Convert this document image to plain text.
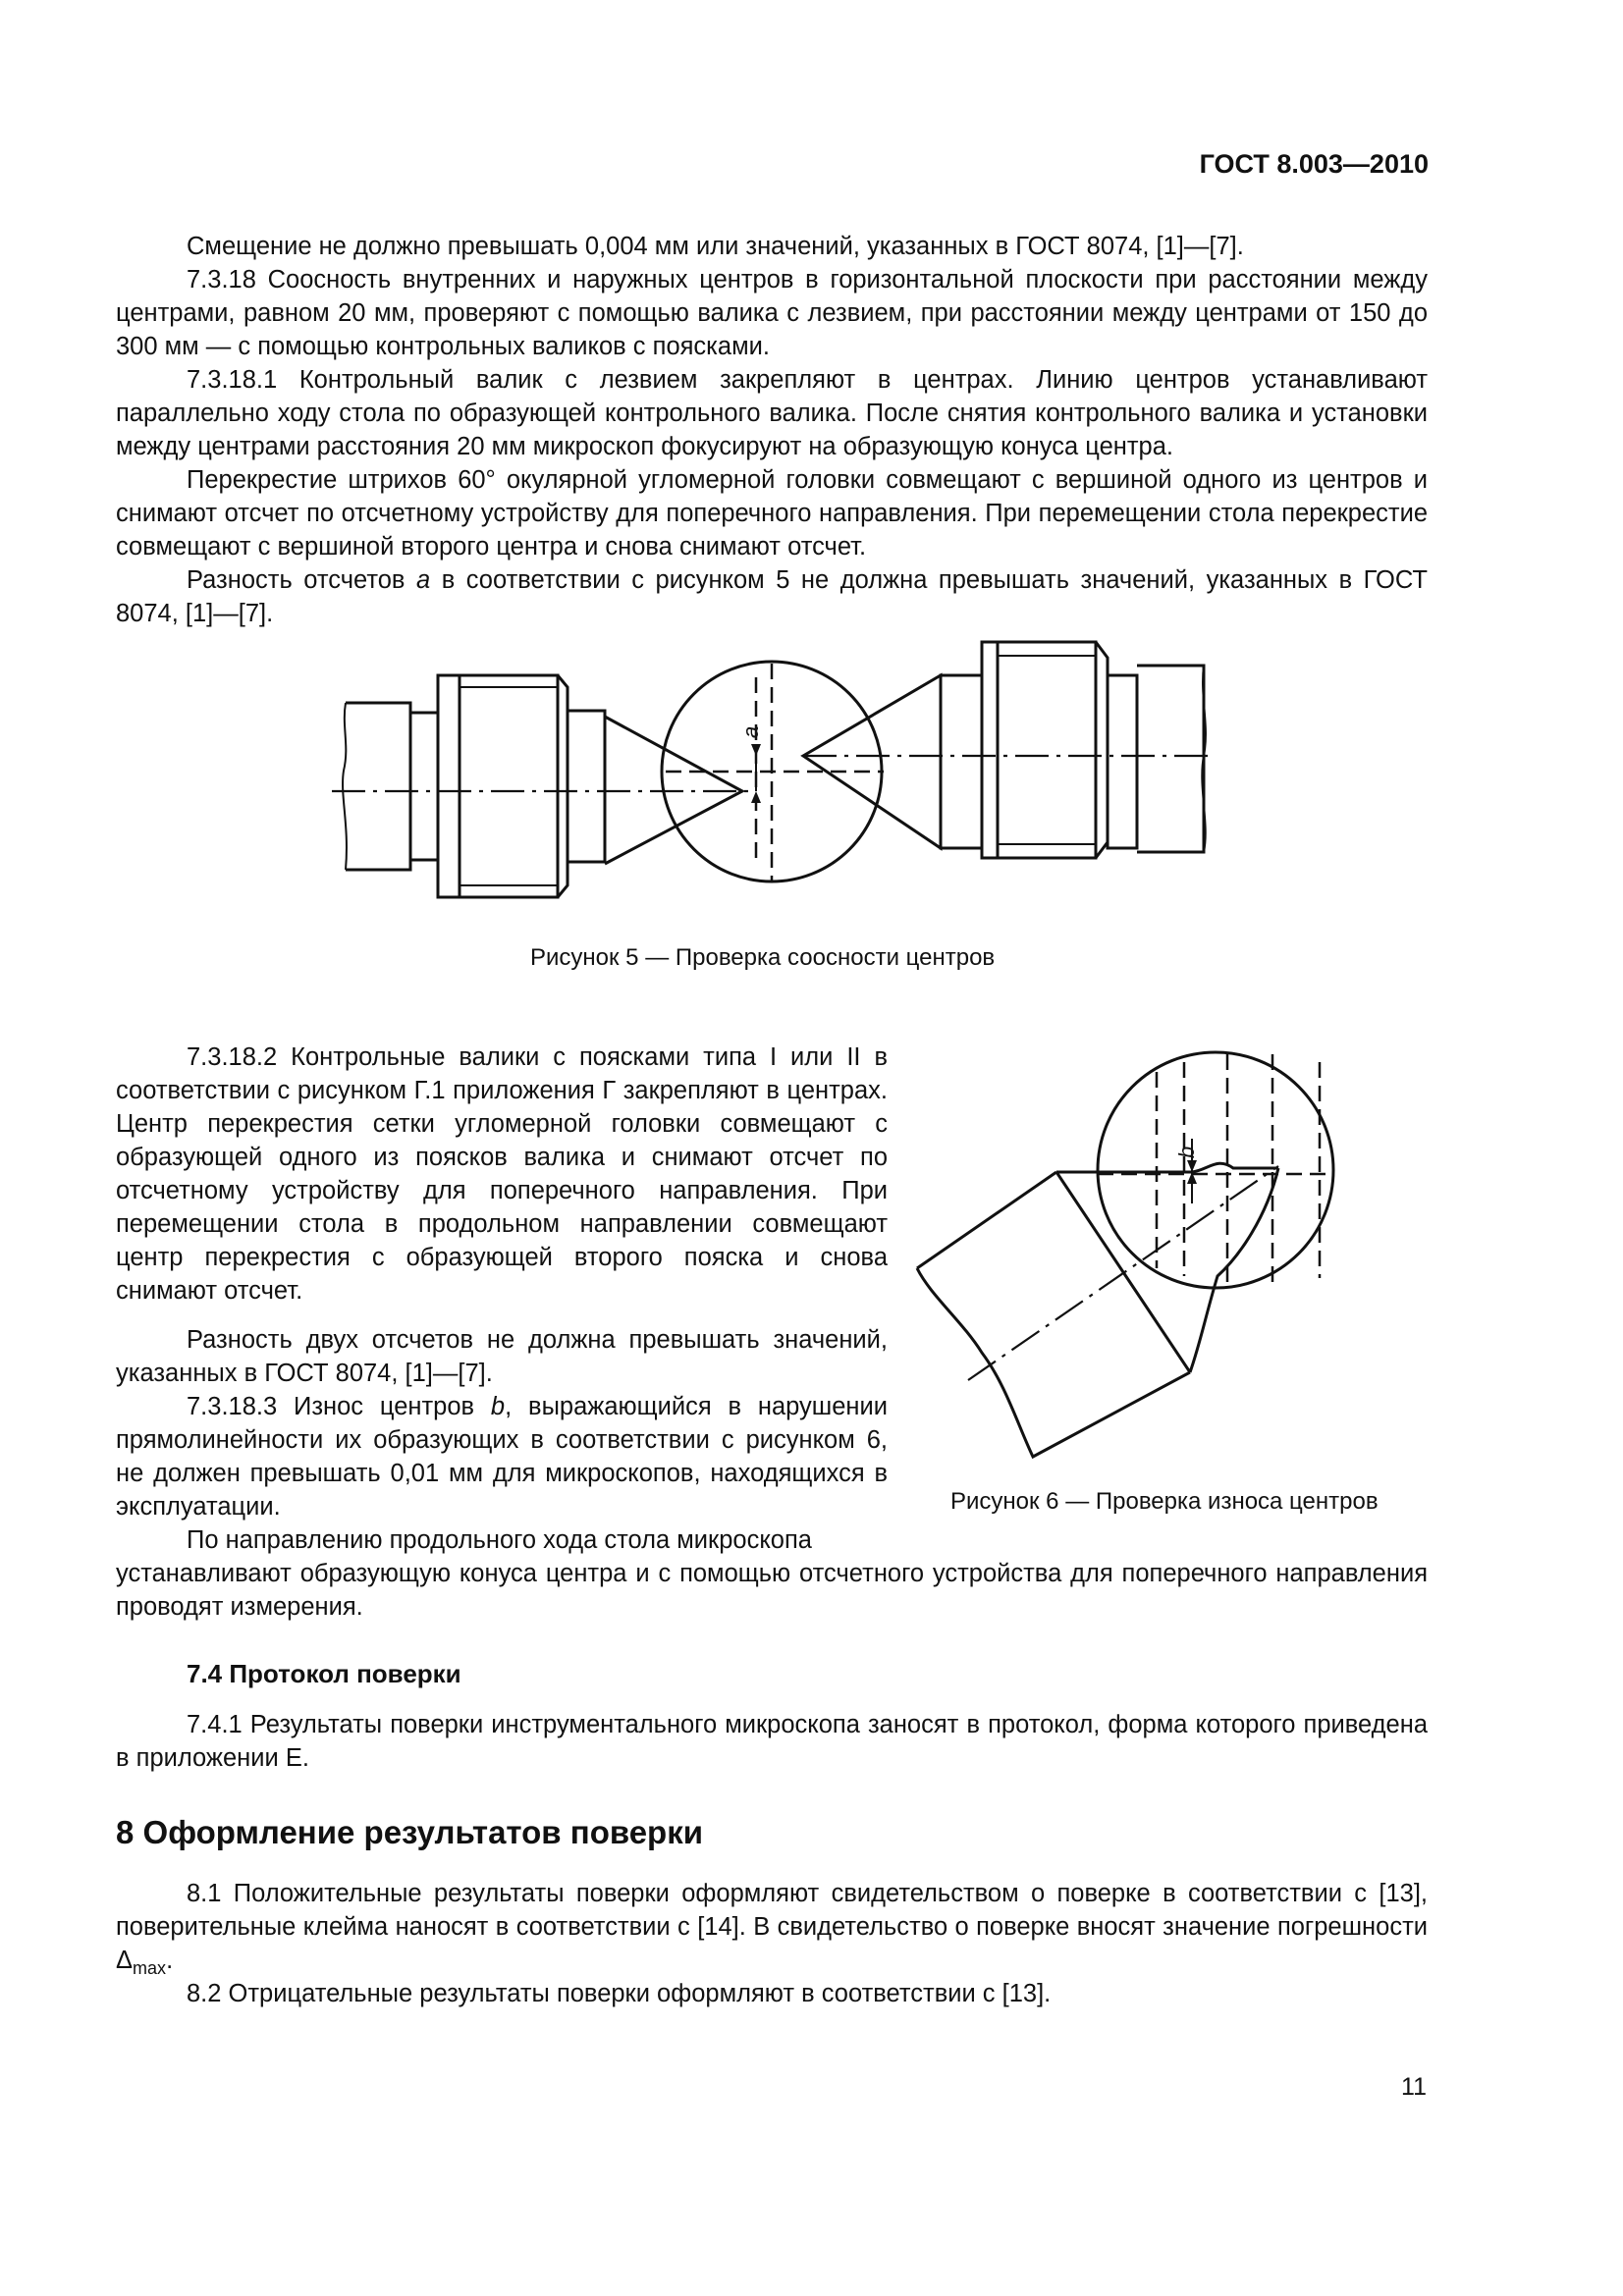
ГОСТ 8.003—2010
Смещение не должно превышать 0,004 мм или значений, указанных в ГОСТ 8074, [1]—[7].
7.3.18 Соосность внутренних и наружных центров в горизонтальной плоскости при расстоянии между центрами, равном 20 мм, проверяют с помощью валика с лезвием, при расстоянии между центрами от 150 до 300 мм — с помощью контрольных валиков с поясками.
7.3.18.1 Контрольный валик с лезвием закрепляют в центрах. Линию центров устанавливают параллельно ходу стола по образующей контрольного валика. После снятия контрольного валика и установки между центрами расстояния 20 мм микроскоп фокусируют на образующую конуса центра.
Перекрестие штрихов 60° окулярной угломерной головки совмещают с вершиной одного из центров и снимают отсчет по отсчетному устройству для поперечного направления. При перемещении стола перекрестие совмещают с вершиной второго центра и снова снимают отсчет.
Разность отсчетов a в соответствии с рисунком 5 не должна превышать значений, указанных в ГОСТ 8074, [1]—[7].
a
b
Рисунок 5 — Проверка соосности центров
7.3.18.2 Контрольные валики с поясками типа I или II в соответствии с рисунком Г.1 приложения Г закрепляют в центрах. Центр перекрестия сетки угломерной головки совмещают с образующей одного из поясков валика и снимают отсчет по отсчетному устройству для поперечного направления. При перемещении стола в продольном направлении совмещают центр перекрестия с образующей второго пояска и снова снимают отсчет.
Разность двух отсчетов не должна превышать значений, указанных в ГОСТ 8074, [1]—[7].
7.3.18.3 Износ центров b, выражающийся в нарушении прямолинейности их образующих в соответствии с рисунком 6, не должен превышать 0,01 мм для микроскопов, находящихся в эксплуатации.	Рисунок 6 — Проверка износа центров
По направлению продольного хода стола микроскопа
устанавливают образующую конуса центра и с помощью отсчетного устройства для поперечного направления проводят измерения.
7.4 Протокол поверки
7.4.1 Результаты поверки инструментального микроскопа заносят в протокол, форма которого приведена в приложении Е.
8 Оформление результатов поверки
8.1 Положительные результаты поверки оформляют свидетельством о поверке в соответствии с [13], поверительные клейма наносят в соответствии с [14]. В свидетельство о поверке вносят значение погрешности $\Delta_{max}$.
8.2 Отрицательные результаты поверки оформляют в соответствии с [13].
11
